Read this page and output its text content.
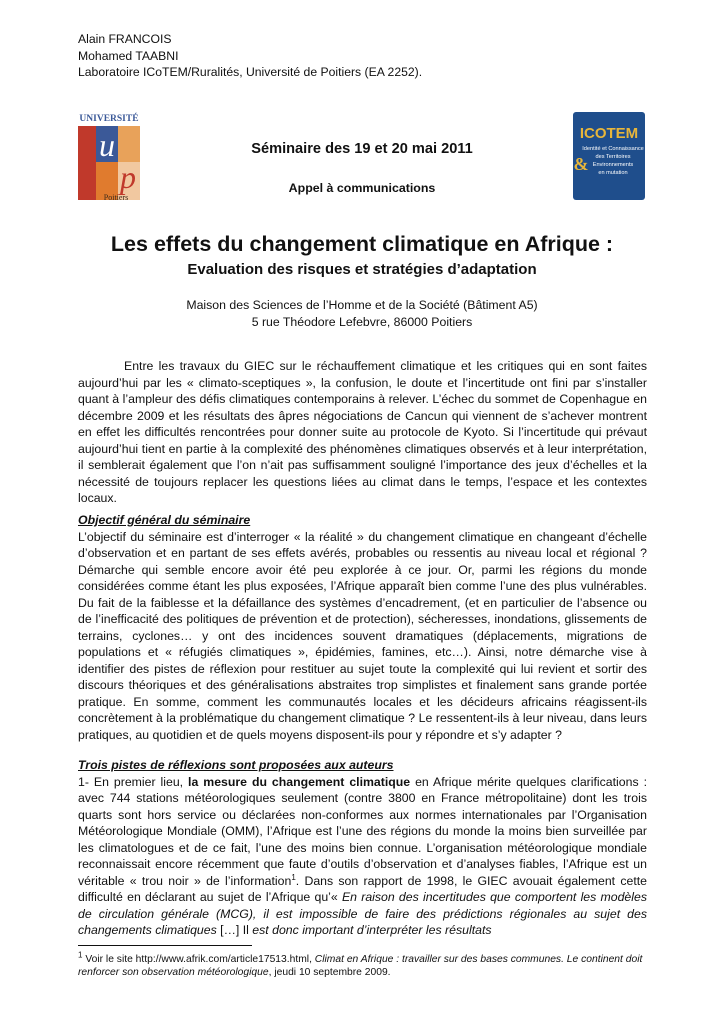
Alain FRANCOIS
Mohamed TAABNI
Laboratoire ICoTEM/Ruralités, Université de Poitiers (EA 2252).
UNIVERSITÉ
u
p
Poitiers
ICOTEM
Identité et Connaissance
des Territoires
& Environnements
en mutation
Séminaire des 19 et 20 mai 2011
Appel à communications
Les effets du changement climatique en Afrique :
Evaluation des risques et stratégies d’adaptation
Maison des Sciences de l’Homme et de la Société (Bâtiment A5)
5 rue Théodore Lefebvre, 86000 Poitiers
Entre les travaux du GIEC sur le réchauffement climatique et les critiques qui en sont faites aujourd’hui par les « climato-sceptiques », la confusion, le doute et l’incertitude ont fini par s’installer quant à l’ampleur des défis climatiques contemporains à relever. L’échec du sommet de Copenhague en décembre 2009 et les résultats des âpres négociations de Cancun qui viennent de s’achever montrent en effet les difficultés rencontrées pour donner suite au protocole de Kyoto. Si l’incertitude qui prévaut aujourd’hui tient en partie à la complexité des phénomènes climatiques observés et à leur interprétation, il semblerait également que l’on n’ait pas suffisamment souligné l’importance des jeux d’échelles et la nécessité de toujours replacer les questions liées au climat dans le temps, l’espace et les contextes locaux.
Objectif général du séminaire
L’objectif du séminaire est d’interroger « la réalité » du changement climatique en changeant d’échelle d’observation et en partant de ses effets avérés, probables ou ressentis au niveau local et régional ? Démarche qui semble encore avoir été peu explorée à ce jour. Or, parmi les régions du monde considérées comme étant les plus exposées, l’Afrique apparaît bien comme l’une des plus vulnérables. Du fait de la faiblesse et la défaillance des systèmes d’encadrement, (et en particulier de l’absence ou de l’inefficacité des politiques de prévention et de protection), sécheresses, inondations, glissements de terrains, cyclones… y ont des incidences souvent dramatiques (déplacements, migrations de populations et « réfugiés climatiques », épidémies, famines, etc…). Ainsi, notre démarche vise à identifier des pistes de réflexion pour restituer au sujet toute la complexité qui lui revient et sortir des discours théoriques et des généralisations abstraites trop simplistes et finalement sans grande portée pratique. En somme, comment les communautés locales et les décideurs africains réagissent-ils concrètement à la problématique du changement climatique ? Le ressentent-ils à leur niveau, dans leurs pratiques, au quotidien et de quels moyens disposent-ils pour y répondre et s’y adapter ?
Trois pistes de réflexions sont proposées aux auteurs
1- En premier lieu, la mesure du changement climatique en Afrique mérite quelques clarifications : avec 744 stations météorologiques seulement (contre 3800 en France métropolitaine) dont les trois quarts sont hors service ou déclarées non-conformes aux normes internationales par l’Organisation Météorologique Mondiale (OMM), l’Afrique est l’une des régions du monde la moins bien surveillée par les climatologues et de ce fait, l’une des moins bien connue. L’organisation météorologique mondiale reconnaissait encore récemment que faute d’outils d’observation et d’analyses fiables, l’Afrique est un véritable « trou noir » de l’information$^1$. Dans son rapport de 1998, le GIEC avouait également cette difficulté en déclarant au sujet de l’Afrique qu’« En raison des incertitudes que comportent les modèles de circulation générale (MCG), il est impossible de faire des prédictions régionales au sujet des changements climatiques […] Il est donc important d’interpréter les résultats
$^1$ Voir le site http://www.afrik.com/article17513.html, Climat en Afrique : travailler sur des bases communes. Le continent doit renforcer son observation météorologique, jeudi 10 septembre 2009.
